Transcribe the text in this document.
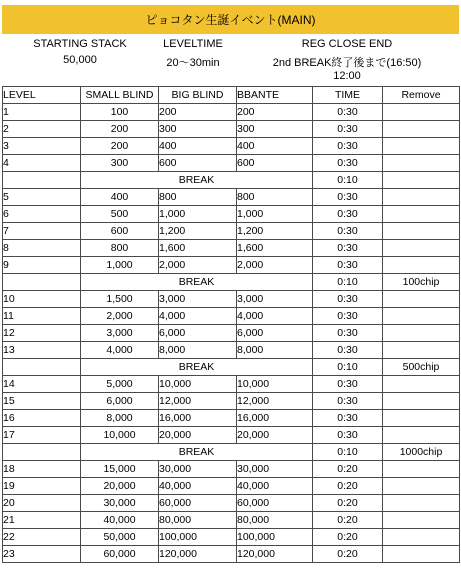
ピョコタン生誕イベント(MAIN)
STARTING STACK
50,000
LEVELTIME
20～30min
REG CLOSE END
2nd BREAK終了後まで(16:50)
12:00
LEVEL	SMALL BLIND	BIG BLIND	BBANTE	TIME	Remove
1	100	200	200	0:30	
2	200	300	300	0:30	
3	200	400	400	0:30	
4	300	600	600	0:30	
	BREAK			0:10	
5	400	800	800	0:30	
6	500	1,000	1,000	0:30	
7	600	1,200	1,200	0:30	
8	800	1,600	1,600	0:30	
9	1,000	2,000	2,000	0:30	
	BREAK			0:10	100chip
10	1,500	3,000	3,000	0:30	
11	2,000	4,000	4,000	0:30	
12	3,000	6,000	6,000	0:30	
13	4,000	8,000	8,000	0:30	
	BREAK			0:10	500chip
14	5,000	10,000	10,000	0:30	
15	6,000	12,000	12,000	0:30	
16	8,000	16,000	16,000	0:30	
17	10,000	20,000	20,000	0:30	
	BREAK			0:10	1000chip
18	15,000	30,000	30,000	0:20	
19	20,000	40,000	40,000	0:20	
20	30,000	60,000	60,000	0:20	
21	40,000	80,000	80,000	0:20	
22	50,000	100,000	100,000	0:20	
23	60,000	120,000	120,000	0:20	
